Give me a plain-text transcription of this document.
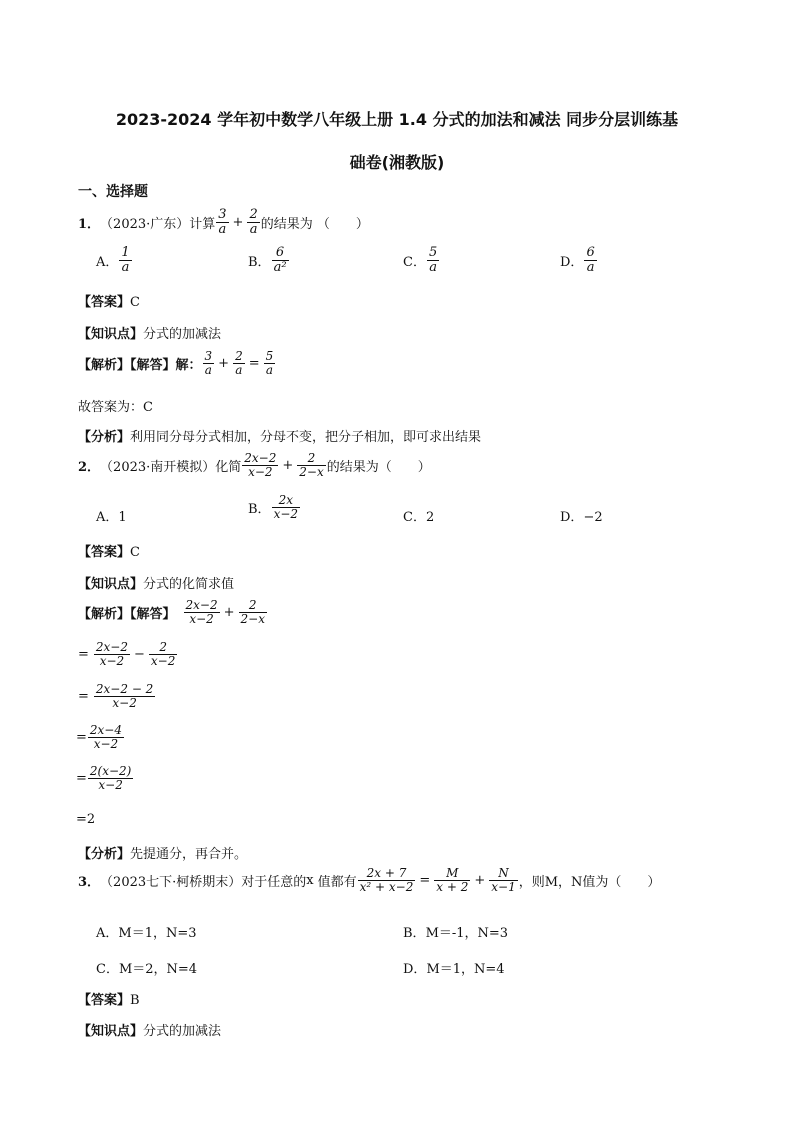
2023-2024 学年初中数学八年级上册 1.4 分式的加法和减法 同步分层训练基
础卷(湘教版)
一、选择题
1． （2023·广东）计算 $\frac{3}{a} + \frac{2}{a}$ 的结果为 （　　）
A． $\frac{1}{a}$	B． $\frac{6}{\text{a²}}$	C． $\frac{5}{a}$	D． $\frac{6}{a}$
【答案】C
【知识点】分式的加减法
【解析】【解答】解： $\frac{3}{a} + \frac{2}{a} = \frac{5}{a}$
故答案为：C
【分析】利用同分母分式相加，分母不变，把分子相加，即可求出结果
2． （2023·南开模拟）化简 $\frac{2x-2}{x-2} + \frac{2}{2-x}$ 的结果为（　　）
A．1
B． $\frac{2x}{x-2}$	C．2	D．−2
【答案】C
【知识点】分式的化简求值
【解析】【解答】 $\frac{2x-2}{x-2} + \frac{2}{2-x}$
= $\frac{2x-2}{x-2} - \frac{2}{x-2}$
= $\frac{2x-2 - 2}{x-2}$
= $\frac{2x-4}{x-2}$
= $\frac{2(x-2)}{x-2}$
=2
【分析】先提通分，再合并。
3． （2023七下·柯桥期末）对于任意的 x 值都有 $\frac{2x + 7}{\text{x² + x−2}} = \frac{M}{x + 2} + \frac{N}{x-1}$ ，则M，N值为（　　）
A．M＝1，N=3	B．M＝-1，N=3
C．M＝2，N=4	D．M＝1，N=4
【答案】B
【知识点】分式的加减法
